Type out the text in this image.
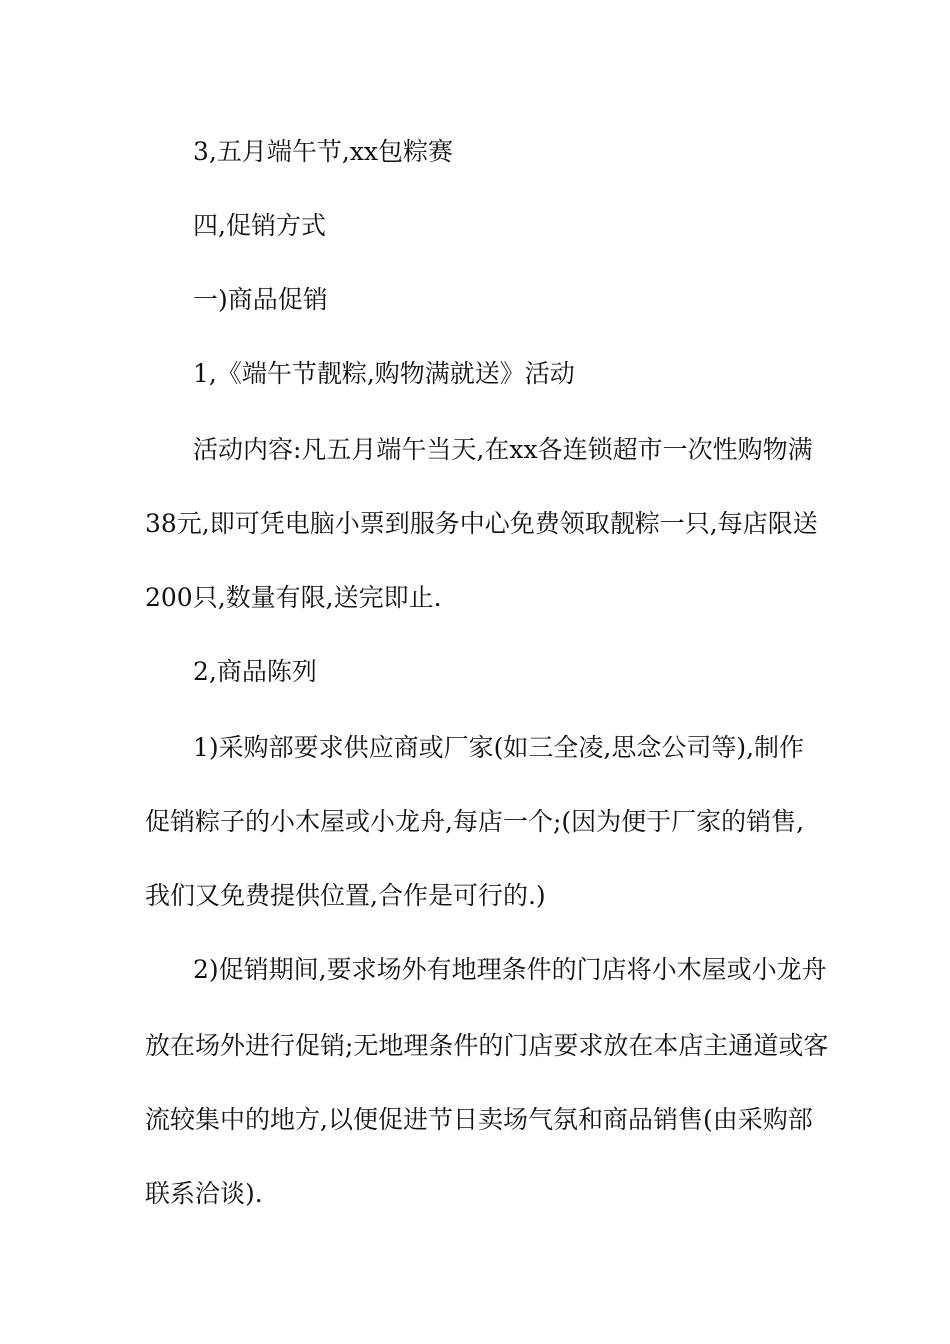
3,五月端午节,xx包粽赛
四,促销方式
一)商品促销
1,《端午节靓粽,购物满就送》活动
活动内容:凡五月端午当天,在xx各连锁超市一次性购物满
38元,即可凭电脑小票到服务中心免费领取靓粽一只,每店限送
200只,数量有限,送完即止.
2,商品陈列
1)采购部要求供应商或厂家(如三全凌,思念公司等),制作
促销粽子的小木屋或小龙舟,每店一个;(因为便于厂家的销售,
我们又免费提供位置,合作是可行的.)
2)促销期间,要求场外有地理条件的门店将小木屋或小龙舟
放在场外进行促销;无地理条件的门店要求放在本店主通道或客
流较集中的地方,以便促进节日卖场气氛和商品销售(由采购部
联系洽谈).
